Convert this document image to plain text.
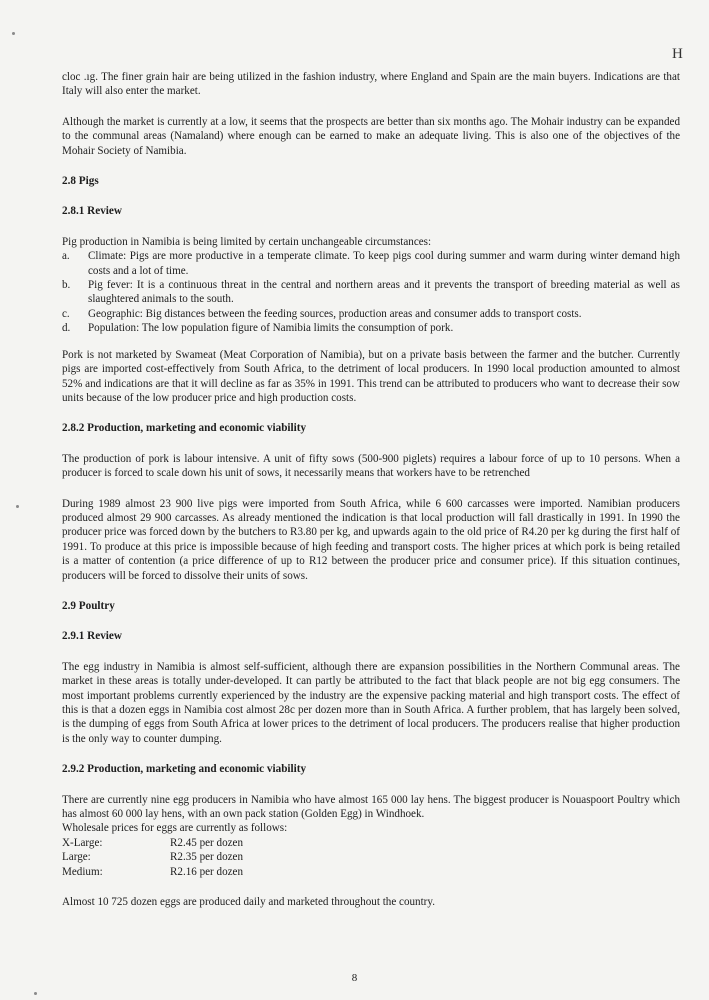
H

cloс .ıg. The finer grain hair are being utilized in the fashion industry, where England and Spain are the main buyers. Indications are that Italy will also enter the market.

Although the market is currently at a low, it seems that the prospects are better than six months ago. The Mohair industry can be expanded to the communal areas (Namaland) where enough can be earned to make an adequate living. This is also one of the objectives of the Mohair Society of Namibia.

2.8 Pigs

2.8.1 Review

Pig production in Namibia is being limited by certain unchangeable circumstances:

a.	Climate: Pigs are more productive in a temperate climate. To keep pigs cool during summer and warm during winter demand high costs and a lot of time.
b.	Pig fever: It is a continuous threat in the central and northern areas and it prevents the transport of breeding material as well as slaughtered animals to the south.
c.	Geographic: Big distances between the feeding sources, production areas and consumer adds to transport costs.
d.	Population: The low population figure of Namibia limits the consumption of pork.

Pork is not marketed by Swameat (Meat Corporation of Namibia), but on a private basis between the farmer and the butcher. Currently pigs are imported cost-effectively from South Africa, to the detriment of local producers. In 1990 local production amounted to almost 52% and indications are that it will decline as far as 35% in 1991. This trend can be attributed to producers who want to decrease their sow units because of the low producer price and high production costs.

2.8.2 Production, marketing and economic viability

The production of pork is labour intensive. A unit of fifty sows (500-900 piglets) requires a labour force of up to 10 persons. When a producer is forced to scale down his unit of sows, it necessarily means that workers have to be retrenched

During 1989 almost 23 900 live pigs were imported from South Africa, while 6 600 carcasses were imported. Namibian producers produced almost 29 900 carcasses. As already mentioned the indication is that local production will fall drastically in 1991. In 1990 the producer price was forced down by the butchers to R3.80 per kg, and upwards again to the old price of R4.20 per kg during the first half of 1991. To produce at this price is impossible because of high feeding and transport costs. The higher prices at which pork is being retailed is a matter of contention (a price difference of up to R12 between the producer price and consumer price). If this situation continues, producers will be forced to dissolve their units of sows.

2.9 Poultry

2.9.1 Review

The egg industry in Namibia is almost self-sufficient, although there are expansion possibilities in the Northern Communal areas. The market in these areas is totally under-developed. It can partly be attributed to the fact that black people are not big egg consumers. The most important problems currently experienced by the industry are the expensive packing material and high transport costs. The effect of this is that a dozen eggs in Namibia cost almost 28c per dozen more than in South Africa. A further problem, that has largely been solved, is the dumping of eggs from South Africa at lower prices to the detriment of local producers. The producers realise that higher production is the only way to counter dumping.

2.9.2 Production, marketing and economic viability

There are currently nine egg producers in Namibia who have almost 165 000 lay hens. The biggest producer is Nouaspoort Poultry which has almost 60 000 lay hens, with an own pack station (Golden Egg) in Windhoek.

Wholesale prices for eggs are currently as follows:

X-Large:	R2.45 per dozen
Large:	R2.35 per dozen
Medium:	R2.16 per dozen

Almost 10 725 dozen eggs are produced daily and marketed throughout the country.

8
